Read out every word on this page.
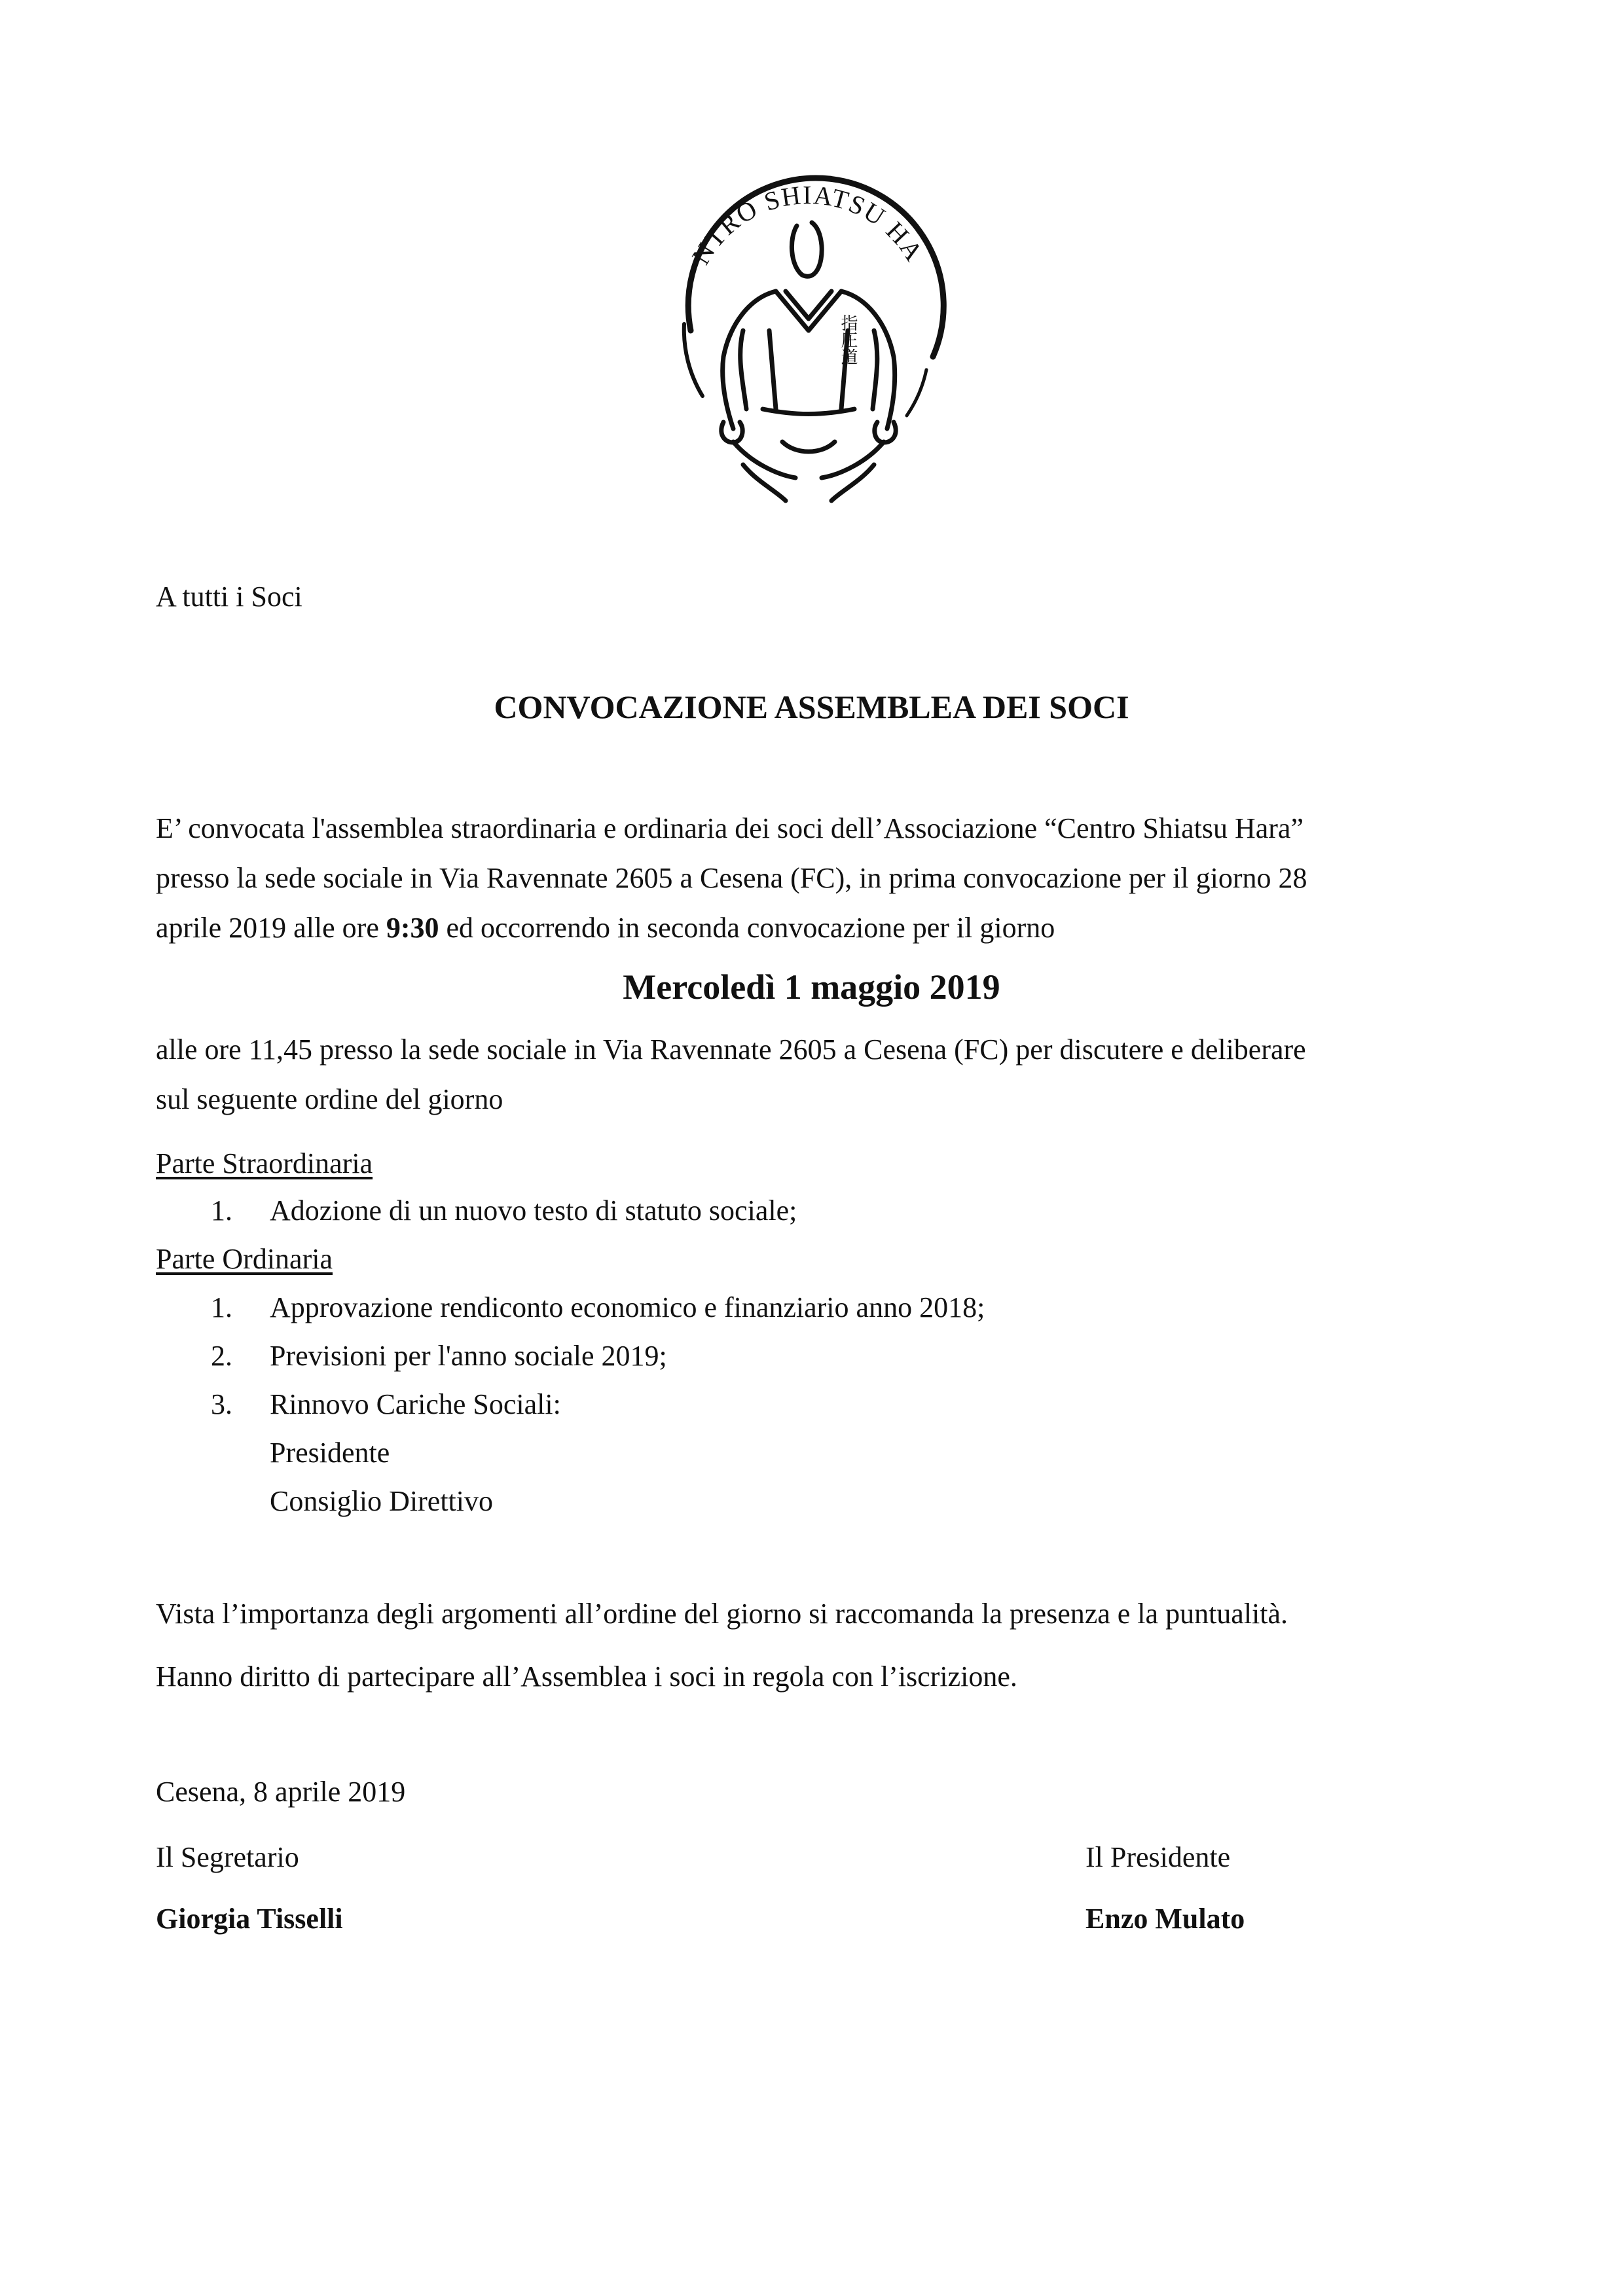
NTRO SHIATSU HA
指圧道
A tutti i Soci
CONVOCAZIONE ASSEMBLEA DEI SOCI
E’ convocata l'assemblea straordinaria e ordinaria dei soci dell’Associazione “Centro Shiatsu Hara”
presso la sede sociale in Via Ravennate 2605 a Cesena (FC), in prima convocazione per il giorno 28
aprile 2019 alle ore 9:30 ed occorrendo in seconda convocazione per il giorno
Mercoledì 1 maggio 2019
alle ore 11,45 presso la sede sociale in Via Ravennate 2605 a Cesena (FC) per discutere e deliberare
sul seguente ordine del giorno
Parte Straordinaria
1. Adozione di un nuovo testo di statuto sociale;
Parte Ordinaria
1. Approvazione rendiconto economico e finanziario anno 2018;
2. Previsioni per l'anno sociale 2019;
3. Rinnovo Cariche Sociali:
Presidente
Consiglio Direttivo
Vista l’importanza degli argomenti all’ordine del giorno si raccomanda la presenza e la puntualità.
Hanno diritto di partecipare all’Assemblea i soci in regola con l’iscrizione.
Cesena, 8 aprile 2019
Il Segretario	Il Presidente
Giorgia Tisselli	Enzo Mulato
